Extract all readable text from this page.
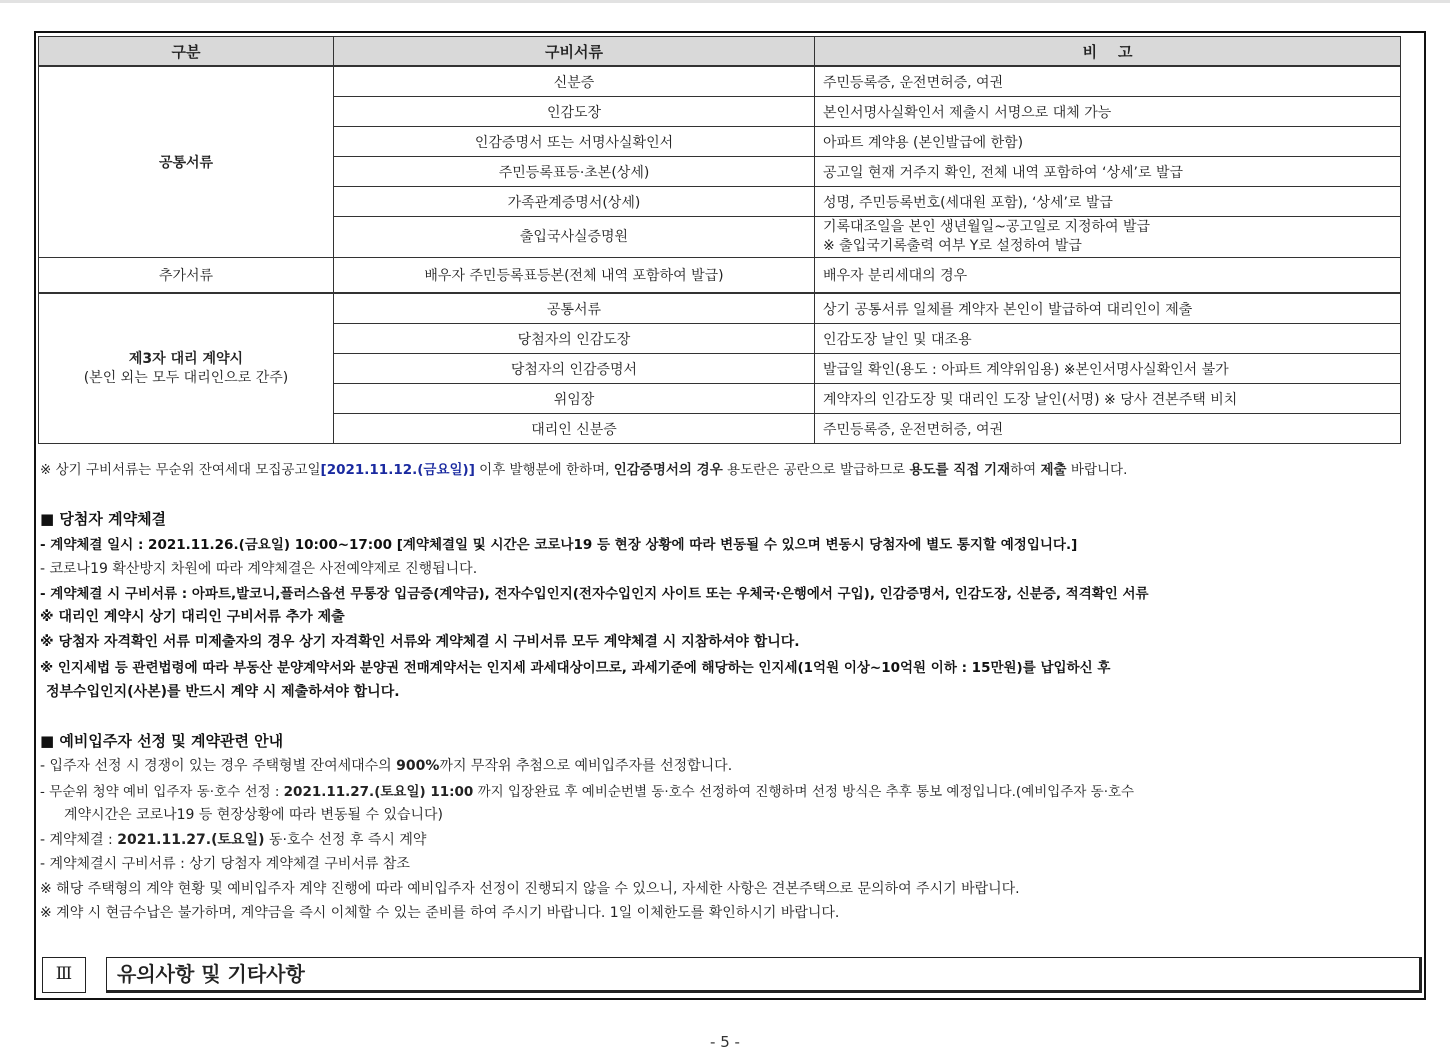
구분	구비서류	비    고
공통서류	신분증	주민등록증, 운전면허증, 여권
	인감도장	본인서명사실확인서 제출시 서명으로 대체 가능
	인감증명서 또는 서명사실확인서	아파트 계약용 (본인발급에 한함)
	주민등록표등·초본(상세)	공고일 현재 거주지 확인, 전체 내역 포함하여 ‘상세’로 발급
	가족관계증명서(상세)	성명, 주민등록번호(세대원 포함), ‘상세’로 발급
	출입국사실증명원	기록대조일을 본인 생년월일~공고일로 지정하여 발급
※ 출입국기록출력 여부 Y로 설정하여 발급

추가서류	배우자 주민등록표등본(전체 내역 포함하여 발급)	배우자 분리세대의 경우

제3자 대리 계약시
(본인 외는 모두 대리인으로 간주)	공통서류	상기 공통서류 일체를 계약자 본인이 발급하여 대리인이 제출
	당첨자의 인감도장	인감도장 날인 및 대조용
	당첨자의 인감증명서	발급일 확인(용도 : 아파트 계약위임용) ※본인서명사실확인서 불가
	위임장	계약자의 인감도장 및 대리인 도장 날인(서명) ※ 당사 견본주택 비치
	대리인 신분증	주민등록증, 운전면허증, 여권
※ 상기 구비서류는 무순위 잔여세대 모집공고일[2021.11.12.(금요일)] 이후 발행분에 한하며, 인감증명서의 경우 용도란은 공란으로 발급하므로 용도를 직접 기재하여 제출 바랍니다.
■ 당첨자 계약체결
- 계약체결 일시 : 2021.11.26.(금요일) 10:00~17:00 [계약체결일 및 시간은 코로나19 등 현장 상황에 따라 변동될 수 있으며 변동시 당첨자에 별도 통지할 예정입니다.]
- 코로나19 확산방지 차원에 따라 계약체결은 사전예약제로 진행됩니다.
- 계약체결 시 구비서류 : 아파트,발코니,플러스옵션 무통장 입금증(계약금), 전자수입인지(전자수입인지 사이트 또는 우체국·은행에서 구입), 인감증명서, 인감도장, 신분증, 적격확인 서류
※ 대리인 계약시 상기 대리인 구비서류 추가 제출
※ 당첨자 자격확인 서류 미제출자의 경우 상기 자격확인 서류와 계약체결 시 구비서류 모두 계약체결 시 지참하셔야 합니다.
※ 인지세법 등 관련법령에 따라 부동산 분양계약서와 분양권 전매계약서는 인지세 과세대상이므로, 과세기준에 해당하는 인지세(1억원 이상~10억원 이하 : 15만원)를 납입하신 후
정부수입인지(사본)를 반드시 계약 시 제출하셔야 합니다.
■ 예비입주자 선정 및 계약관련 안내
- 입주자 선정 시 경쟁이 있는 경우 주택형별 잔여세대수의 900%까지 무작위 추첨으로 예비입주자를 선정합니다.
- 무순위 청약 예비 입주자 동·호수 선정 : 2021.11.27.(토요일) 11:00 까지 입장완료 후 예비순번별 동·호수 선정하여 진행하며 선정 방식은 추후 통보 예정입니다.(예비입주자 동·호수
계약시간은 코로나19 등 현장상황에 따라 변동될 수 있습니다)
- 계약체결 : 2021.11.27.(토요일) 동·호수 선정 후 즉시 계약
- 계약체결시 구비서류 : 상기 당첨자 계약체결 구비서류 참조
※ 해당 주택형의 계약 현황 및 예비입주자 계약 진행에 따라 예비입주자 선정이 진행되지 않을 수 있으니, 자세한 사항은 견본주택으로 문의하여 주시기 바랍니다.
※ 계약 시 현금수납은 불가하며, 계약금을 즉시 이체할 수 있는 준비를 하여 주시기 바랍니다. 1일 이체한도를 확인하시기 바랍니다.
Ⅲ	유의사항 및 기타사항
- 5 -
